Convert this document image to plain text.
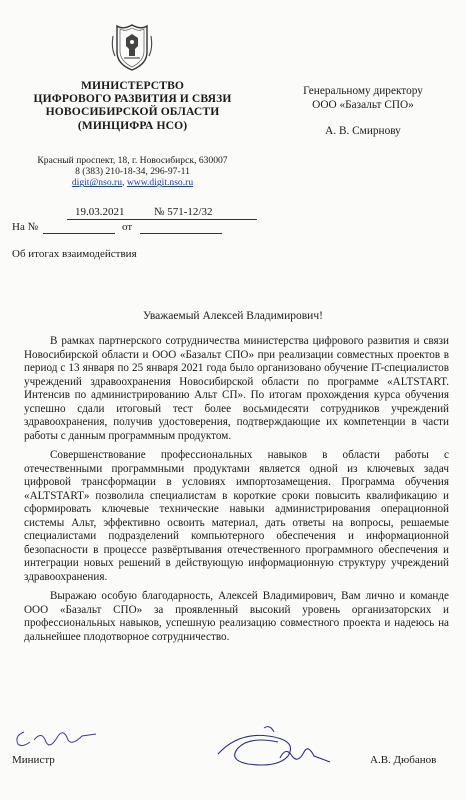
МИНИСТЕРСТВО
ЦИФРОВОГО РАЗВИТИЯ И СВЯЗИ
НОВОСИБИРСКОЙ ОБЛАСТИ
(МИНЦИФРА НСО)
Красный проспект, 18, г. Новосибирск, 630007
8 (383) 210-18-34, 296-97-11
digit@nso.ru, www.digit.nso.ru
Генеральному директору
ООО «Базальт СПО»
А. В. Смирнову
19.03.2021	№ 571-12/32
На №	от
Об итогах взаимодействия
Уважаемый Алексей Владимирович!

В рамках партнерского сотрудничества министерства цифрового развития и связи Новосибирской области и ООО «Базальт СПО» при реализации совместных проектов в период с 13 января по 25 января 2021 года было организовано обучение IT-специалистов учреждений здравоохранения Новосибирской области по программе «ALTSTART. Интенсив по администрированию Альт СП». По итогам прохождения курса обучения успешно сдали итоговый тест более восьмидесяти сотрудников учреждений здравоохранения, получив удостоверения, подтверждающие их компетенции в части работы с данным программным продуктом.

Совершенствование профессиональных навыков в области работы с отечественными программными продуктами является одной из ключевых задач цифровой трансформации в условиях импортозамещения. Программа обучения «ALTSTART» позволила специалистам в короткие сроки повысить квалификацию и сформировать ключевые технические навыки администрирования операционной системы Альт, эффективно освоить материал, дать ответы на вопросы, решаемые специалистами подразделений компьютерного обеспечения и информационной безопасности в процессе развёртывания отечественного программного обеспечения и интеграции новых решений в действующую информационную структуру учреждений здравоохранения.

Выражаю особую благодарность, Алексей Владимирович, Вам лично и команде ООО «Базальт СПО» за проявленный высокий уровень организаторских и профессиональных навыков, успешную реализацию совместного проекта и надеюсь на дальнейшее плодотворное сотрудничество.

Министр	А.В. Дюбанов
